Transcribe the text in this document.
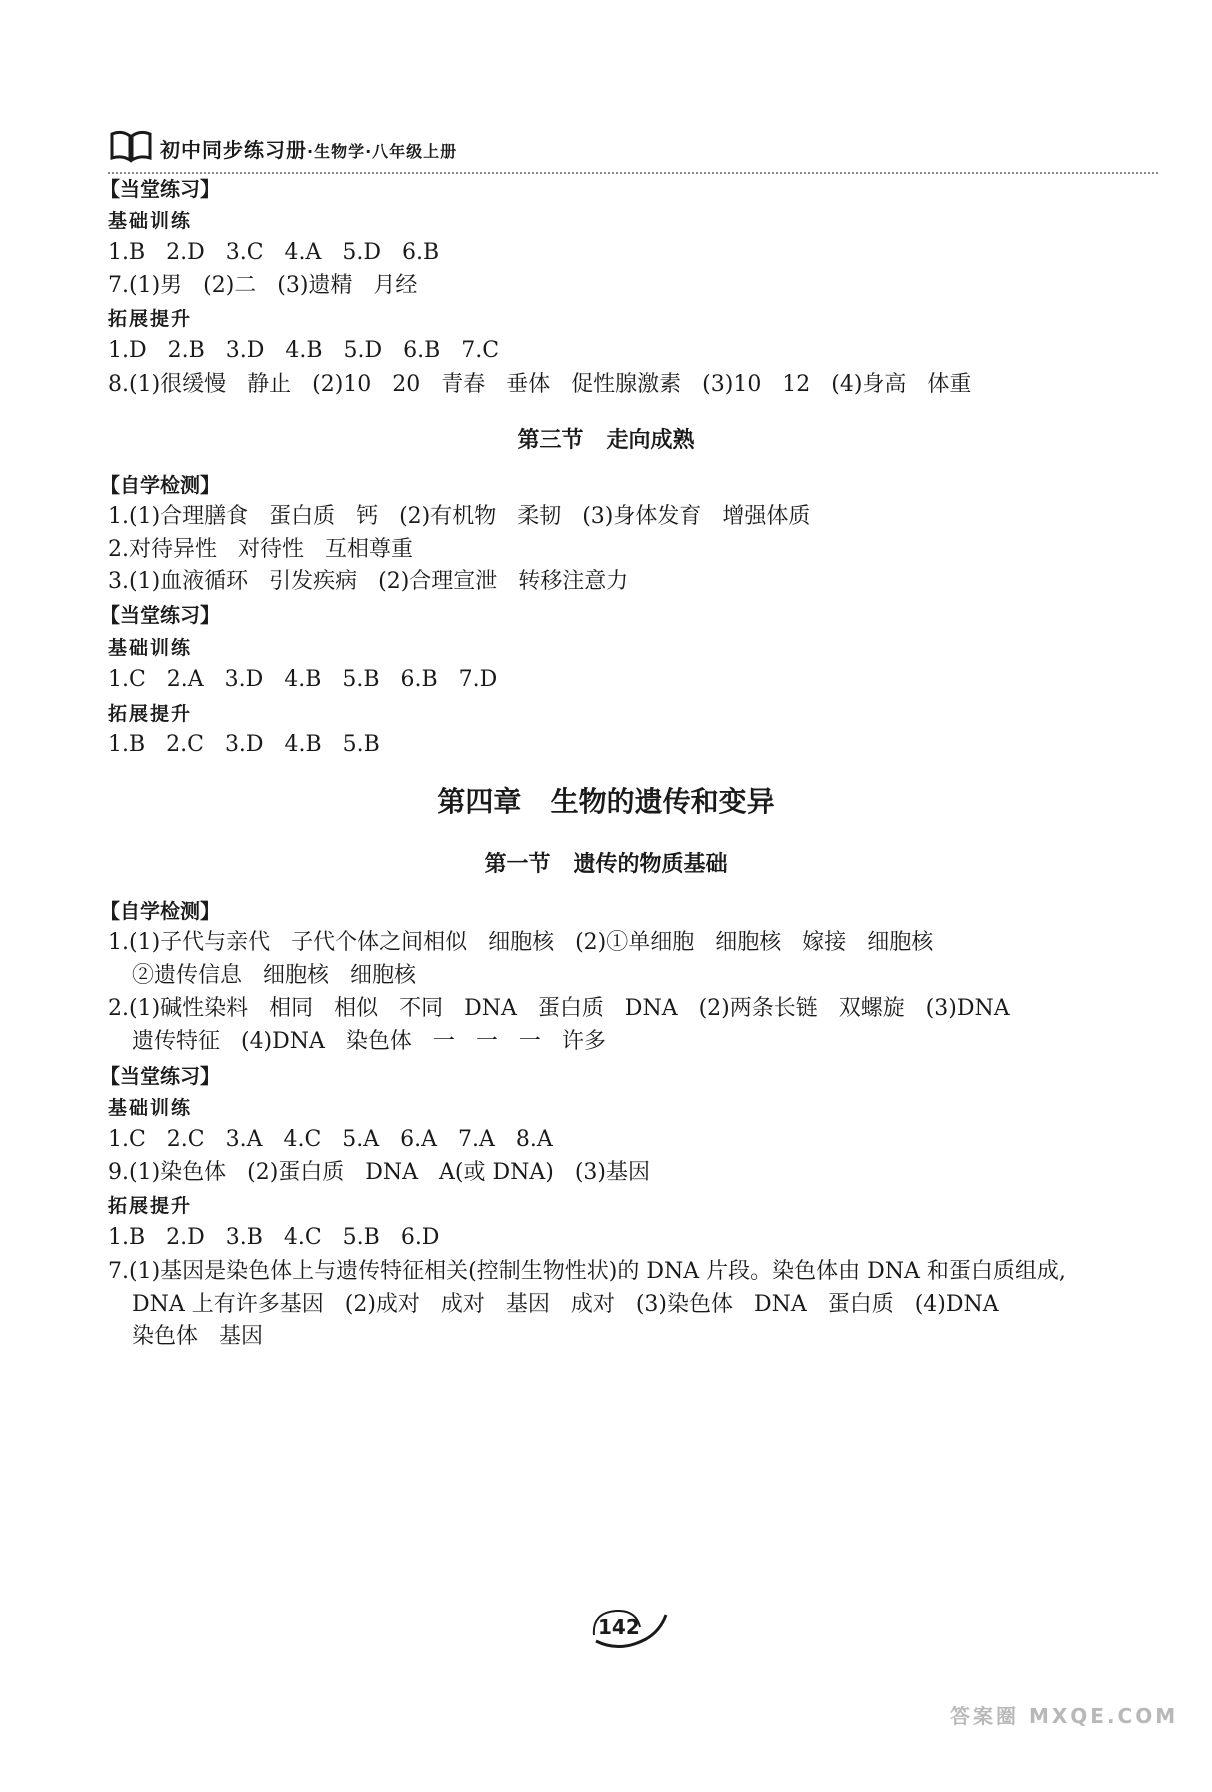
初中同步练习册·生物学·八年级上册
【当堂练习】
基础训练
1.B   2.D   3.C   4.A   5.D   6.B
7.(1)男   (2)二   (3)遗精   月经
拓展提升
1.D   2.B   3.D   4.B   5.D   6.B   7.C
8.(1)很缓慢   静止   (2)10   20   青春   垂体   促性腺激素   (3)10   12   (4)身高   体重
第三节   走向成熟
【自学检测】
1.(1)合理膳食   蛋白质   钙   (2)有机物   柔韧   (3)身体发育   增强体质
2.对待异性   对待性   互相尊重
3.(1)血液循环   引发疾病   (2)合理宣泄   转移注意力
【当堂练习】
基础训练
1.C   2.A   3.D   4.B   5.B   6.B   7.D
拓展提升
1.B   2.C   3.D   4.B   5.B
第四章   生物的遗传和变异
第一节   遗传的物质基础
【自学检测】
1.(1)子代与亲代   子代个体之间相似   细胞核   (2)①单细胞   细胞核   嫁接   细胞核
②遗传信息   细胞核   细胞核
2.(1)碱性染料   相同   相似   不同   DNA   蛋白质   DNA   (2)两条长链   双螺旋   (3)DNA
遗传特征   (4)DNA   染色体   一   一   一   许多
【当堂练习】
基础训练
1.C   2.C   3.A   4.C   5.A   6.A   7.A   8.A
9.(1)染色体   (2)蛋白质   DNA   A(或 DNA)   (3)基因
拓展提升
1.B   2.D   3.B   4.C   5.B   6.D
7.(1)基因是染色体上与遗传特征相关(控制生物性状)的 DNA 片段。染色体由 DNA 和蛋白质组成,
DNA 上有许多基因   (2)成对   成对   基因   成对   (3)染色体   DNA   蛋白质   (4)DNA
染色体   基因
142
答案圈 MXQE.COM
